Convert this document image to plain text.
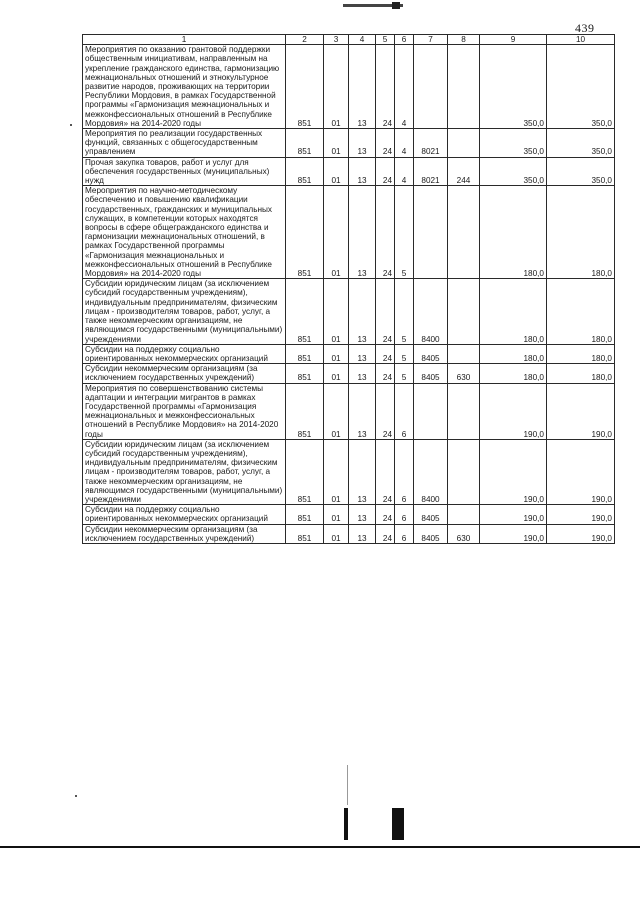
439
1	2	3	4	5	6	7	8	9	10
Мероприятия по оказанию грантовой поддержки общественным инициативам, направленным на укрепление гражданского единства, гармонизацию межнациональных отношений и этнокультурное развитие народов, проживающих на территории Республики Мордовия, в рамках Государственной программы «Гармонизация межнациональных и межконфессиональных отношений в Республике Мордовия» на 2014-2020 годы	851	01	13	24	4			350,0	350,0
Мероприятия по реализации государственных функций, связанных с общегосударственным управлением	851	01	13	24	4	8021		350,0	350,0
Прочая закупка товаров, работ и услуг для обеспечения государственных (муниципальных) нужд	851	01	13	24	4	8021	244	350,0	350,0
Мероприятия по научно-методическому обеспечению и повышению квалификации государственных, гражданских и муниципальных служащих, в компетенции которых находятся вопросы в сфере общегражданского единства и гармонизации межнациональных отношений, в рамках Государственной программы «Гармонизация межнациональных и межконфессиональных отношений в Республике Мордовия» на 2014-2020 годы	851	01	13	24	5			180,0	180,0
Субсидии юридическим лицам (за исключением субсидий государственным учреждениям), индивидуальным предпринимателям, физическим лицам - производителям товаров, работ, услуг, а также некоммерческим организациям, не являющимся государственными (муниципальными) учреждениями	851	01	13	24	5	8400		180,0	180,0
Субсидии на поддержку социально ориентированных некоммерческих организаций	851	01	13	24	5	8405		180,0	180,0
Субсидии некоммерческим организациям (за исключением государственных учреждений)	851	01	13	24	5	8405	630	180,0	180,0
Мероприятия по совершенствованию системы адаптации и интеграции мигрантов в рамках Государственной программы «Гармонизация межнациональных и межконфессиональных отношений в Республике Мордовия» на 2014-2020 годы	851	01	13	24	6			190,0	190,0
Субсидии юридическим лицам (за исключением субсидий государственным учреждениям), индивидуальным предпринимателям, физическим лицам - производителям товаров, работ, услуг, а также некоммерческим организациям, не являющимся государственными (муниципальными) учреждениями	851	01	13	24	6	8400		190,0	190,0
Субсидии на поддержку социально ориентированных некоммерческих организаций	851	01	13	24	6	8405		190,0	190,0
Субсидии некоммерческим организациям (за исключением государственных учреждений)	851	01	13	24	6	8405	630	190,0	190,0
